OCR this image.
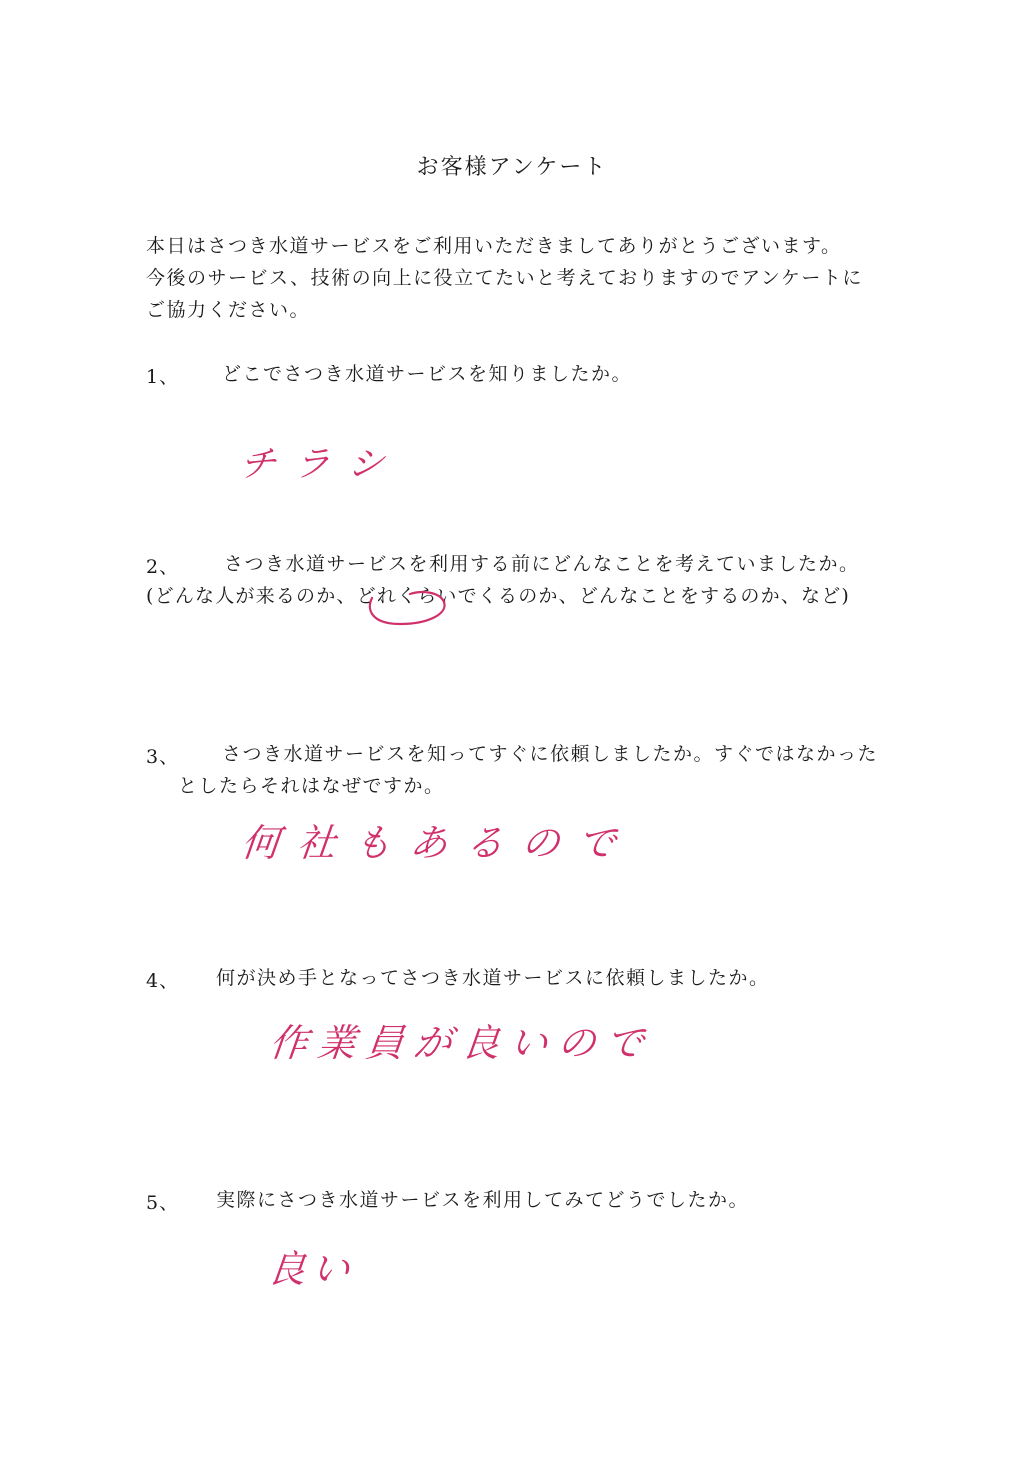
お客様アンケート
本日はさつき水道サービスをご利用いただきましてありがとうございます。
今後のサービス、技術の向上に役立てたいと考えておりますのでアンケートに
ご協力ください。
1、 どこでさつき水道サービスを知りましたか。
チラシ
2、 さつき水道サービスを利用する前にどんなことを考えていましたか。
(どんな人が来るのか、どれくらいでくるのか、どんなことをするのか、など)
3、 さつき水道サービスを知ってすぐに依頼しましたか。すぐではなかった
としたらそれはなぜですか。
何社もあるので
4、 何が決め手となってさつき水道サービスに依頼しましたか。
作業員が良いので
5、 実際にさつき水道サービスを利用してみてどうでしたか。
良い
